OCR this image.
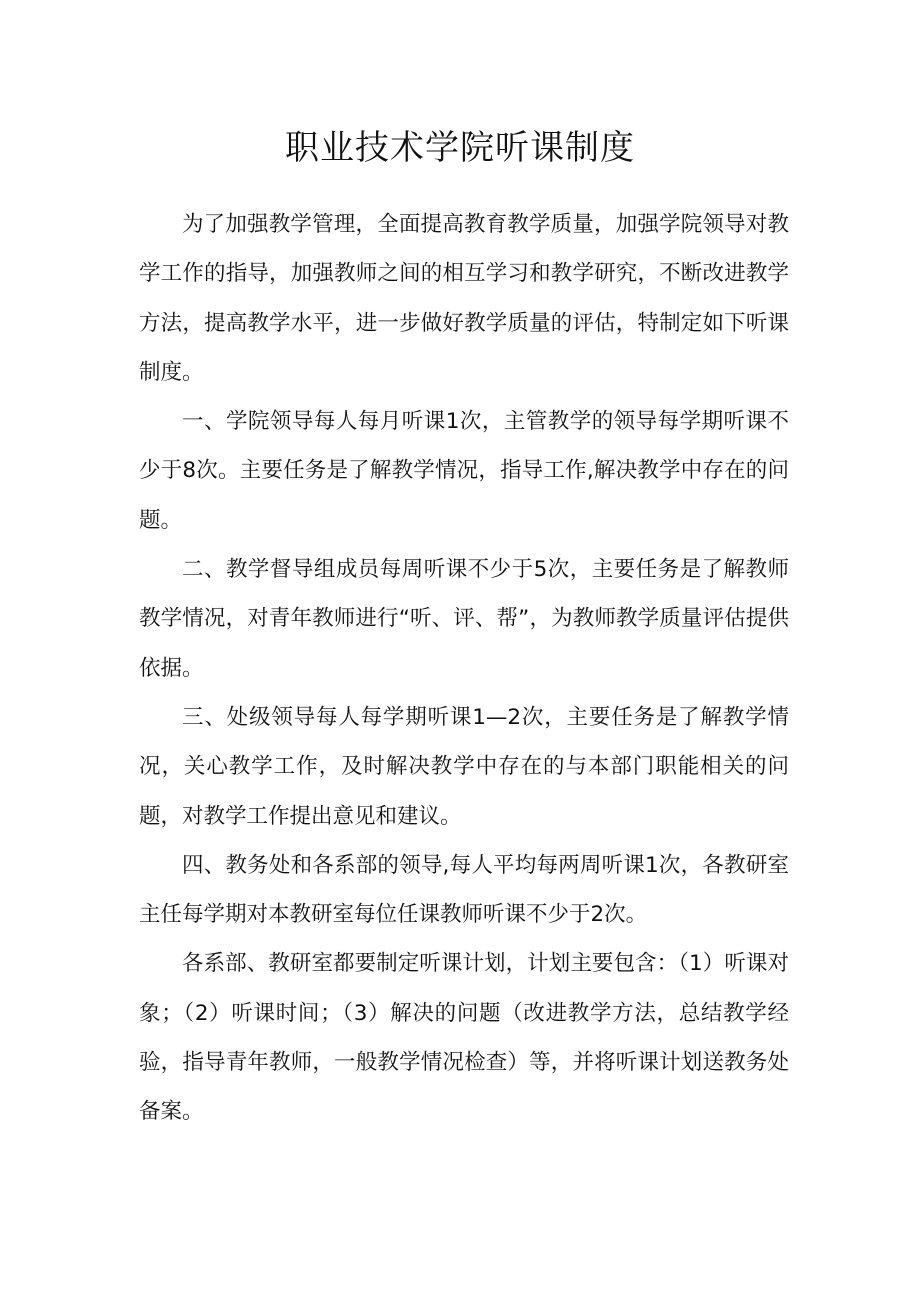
职业技术学院听课制度

为了加强教学管理，全面提高教育教学质量，加强学院领导对教学工作的指导，加强教师之间的相互学习和教学研究，不断改进教学方法，提高教学水平，进一步做好教学质量的评估，特制定如下听课制度。

一、学院领导每人每月听课1次，主管教学的领导每学期听课不少于8次。主要任务是了解教学情况，指导工作,解决教学中存在的问题。

二、教学督导组成员每周听课不少于5次，主要任务是了解教师教学情况，对青年教师进行“听、评、帮”，为教师教学质量评估提供依据。

三、处级领导每人每学期听课1—2次，主要任务是了解教学情况，关心教学工作，及时解决教学中存在的与本部门职能相关的问题，对教学工作提出意见和建议。

四、教务处和各系部的领导,每人平均每两周听课1次，各教研室主任每学期对本教研室每位任课教师听课不少于2次。

各系部、教研室都要制定听课计划，计划主要包含：（1）听课对象；（2）听课时间；（3）解决的问题（改进教学方法，总结教学经验，指导青年教师，一般教学情况检查）等，并将听课计划送教务处备案。
